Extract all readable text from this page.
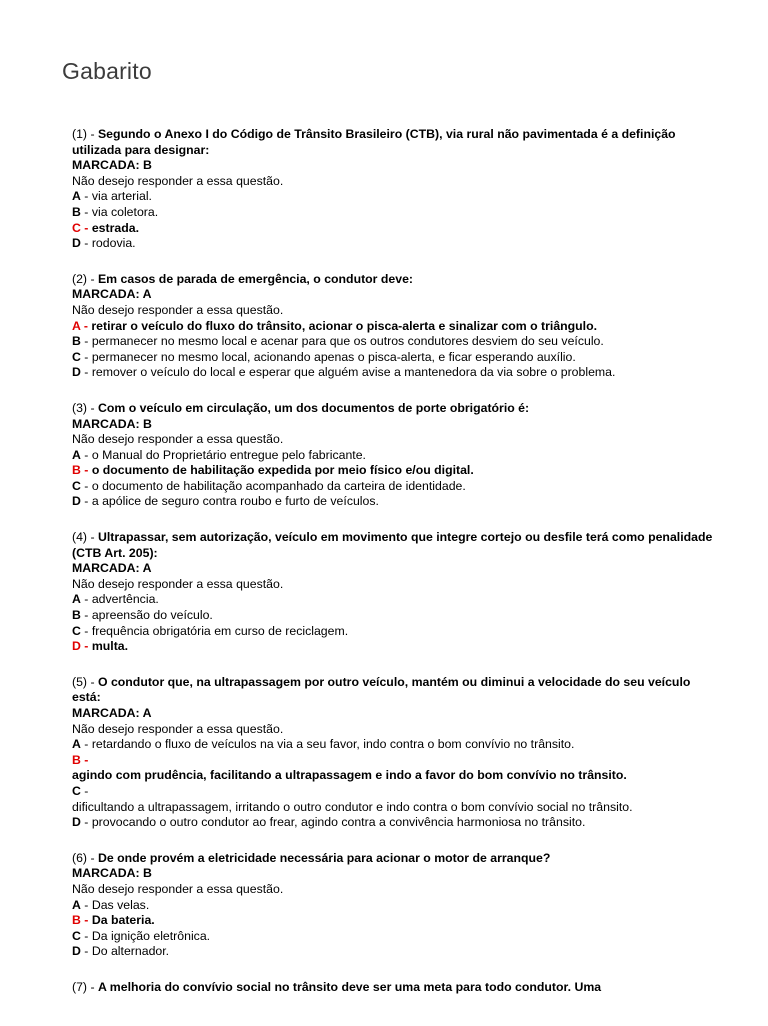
Gabarito
(1) - Segundo o Anexo I do Código de Trânsito Brasileiro (CTB), via rural não pavimentada é a definição utilizada para designar:
MARCADA: B
Não desejo responder a essa questão.
A - via arterial.
B - via coletora.
C - estrada.
D - rodovia.
(2) - Em casos de parada de emergência, o condutor deve:
MARCADA: A
Não desejo responder a essa questão.
A - retirar o veículo do fluxo do trânsito, acionar o pisca-alerta e sinalizar com o triângulo.
B - permanecer no mesmo local e acenar para que os outros condutores desviem do seu veículo.
C - permanecer no mesmo local, acionando apenas o pisca-alerta, e ficar esperando auxílio.
D - remover o veículo do local e esperar que alguém avise a mantenedora da via sobre o problema.
(3) - Com o veículo em circulação, um dos documentos de porte obrigatório é:
MARCADA: B
Não desejo responder a essa questão.
A - o Manual do Proprietário entregue pelo fabricante.
B - o documento de habilitação expedida por meio físico e/ou digital.
C - o documento de habilitação acompanhado da carteira de identidade.
D - a apólice de seguro contra roubo e furto de veículos.
(4) - Ultrapassar, sem autorização, veículo em movimento que integre cortejo ou desfile terá como penalidade (CTB Art. 205):
MARCADA: A
Não desejo responder a essa questão.
A - advertência.
B - apreensão do veículo.
C - frequência obrigatória em curso de reciclagem.
D - multa.
(5) - O condutor que, na ultrapassagem por outro veículo, mantém ou diminui a velocidade do seu veículo está:
MARCADA: A
Não desejo responder a essa questão.
A - retardando o fluxo de veículos na via a seu favor, indo contra o bom convívio no trânsito.
B -
agindo com prudência, facilitando a ultrapassagem e indo a favor do bom convívio no trânsito.
C -
dificultando a ultrapassagem, irritando o outro condutor e indo contra o bom convívio social no trânsito.
D - provocando o outro condutor ao frear, agindo contra a convivência harmoniosa no trânsito.
(6) - De onde provém a eletricidade necessária para acionar o motor de arranque?
MARCADA: B
Não desejo responder a essa questão.
A - Das velas.
B - Da bateria.
C - Da ignição eletrônica.
D - Do alternador.
(7) - A melhoria do convívio social no trânsito deve ser uma meta para todo condutor. Uma
